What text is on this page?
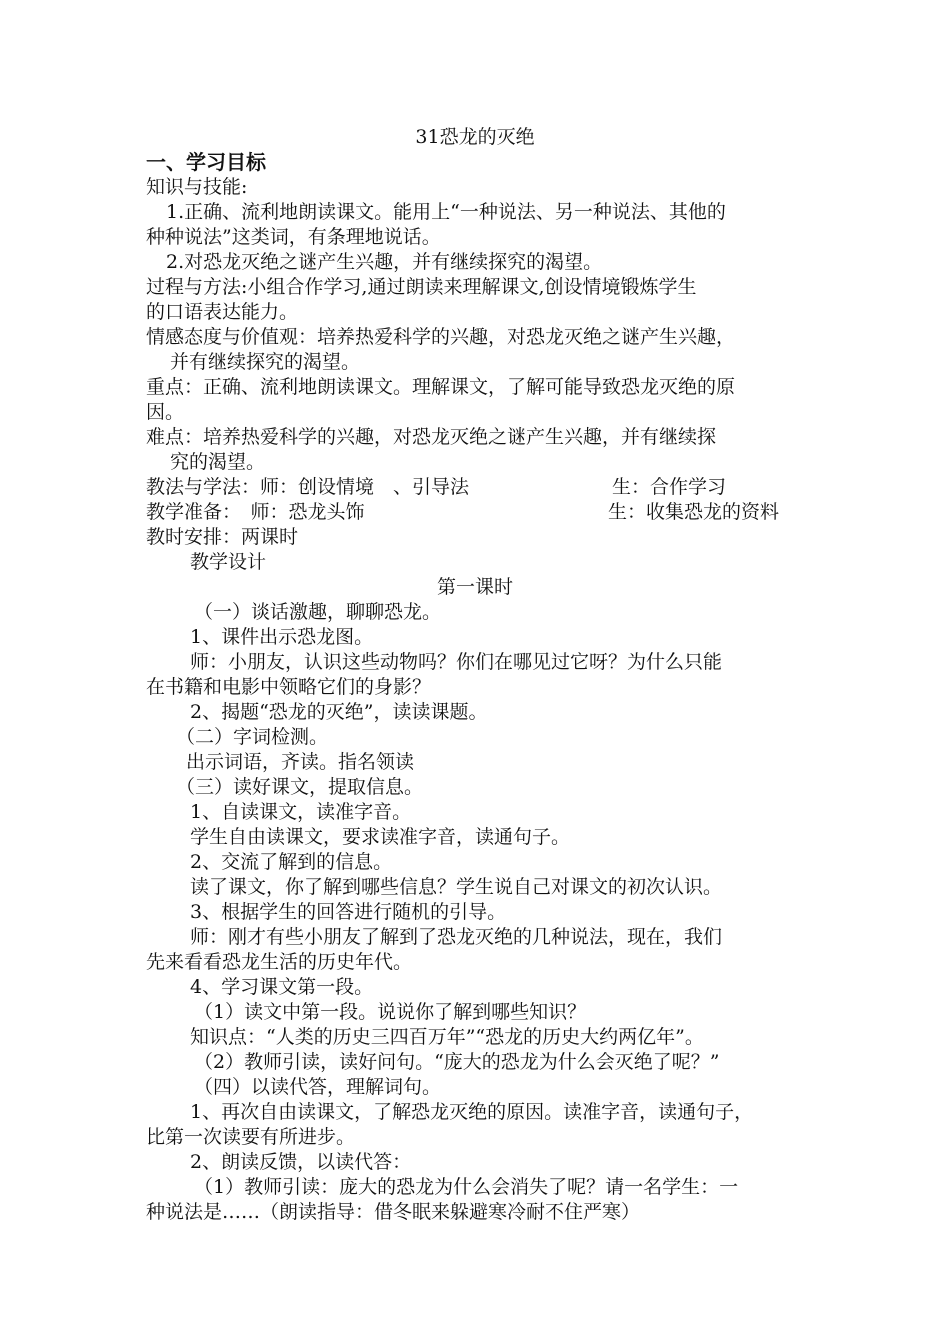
31恐龙的灭绝
一、学习目标
知识与技能:
1.正确、流利地朗读课文。能用上“一种说法、另一种说法、其他的
种种说法”这类词，有条理地说话。
2.对恐龙灭绝之谜产生兴趣，并有继续探究的渴望。
过程与方法:小组合作学习,通过朗读来理解课文,创设情境锻炼学生
的口语表达能力。
情感态度与价值观：培养热爱科学的兴趣，对恐龙灭绝之谜产生兴趣，
并有继续探究的渴望。
重点：正确、流利地朗读课文。理解课文，了解可能导致恐龙灭绝的原
因。
难点：培养热爱科学的兴趣，对恐龙灭绝之谜产生兴趣，并有继续探
究的渴望。
教法与学法：师：创设情境　、引导法	生：合作学习
教学准备：　师：恐龙头饰	生：收集恐龙的资料
教时安排：两课时
教学设计
第一课时
（一）谈话激趣，聊聊恐龙。
1、课件出示恐龙图。
师：小朋友，认识这些动物吗？你们在哪见过它呀？为什么只能
在书籍和电影中领略它们的身影？
2、揭题“恐龙的灭绝”，读读课题。
（二）字词检测。
出示词语，齐读。指名领读
（三）读好课文，提取信息。
1、自读课文，读准字音。
学生自由读课文，要求读准字音，读通句子。
2、交流了解到的信息。
读了课文，你了解到哪些信息？学生说自己对课文的初次认识。
3、根据学生的回答进行随机的引导。
师：刚才有些小朋友了解到了恐龙灭绝的几种说法，现在，我们
先来看看恐龙生活的历史年代。
4、学习课文第一段。
（1）读文中第一段。说说你了解到哪些知识？
知识点：“人类的历史三四百万年”“恐龙的历史大约两亿年”。
（2）教师引读，读好问句。“庞大的恐龙为什么会灭绝了呢？”
（四）以读代答，理解词句。
1、再次自由读课文，了解恐龙灭绝的原因。读准字音，读通句子，
比第一次读要有所进步。
2、朗读反馈，以读代答：
（1）教师引读：庞大的恐龙为什么会消失了呢？请一名学生：一
种说法是……（朗读指导：借冬眠来躲避寒冷耐不住严寒）
